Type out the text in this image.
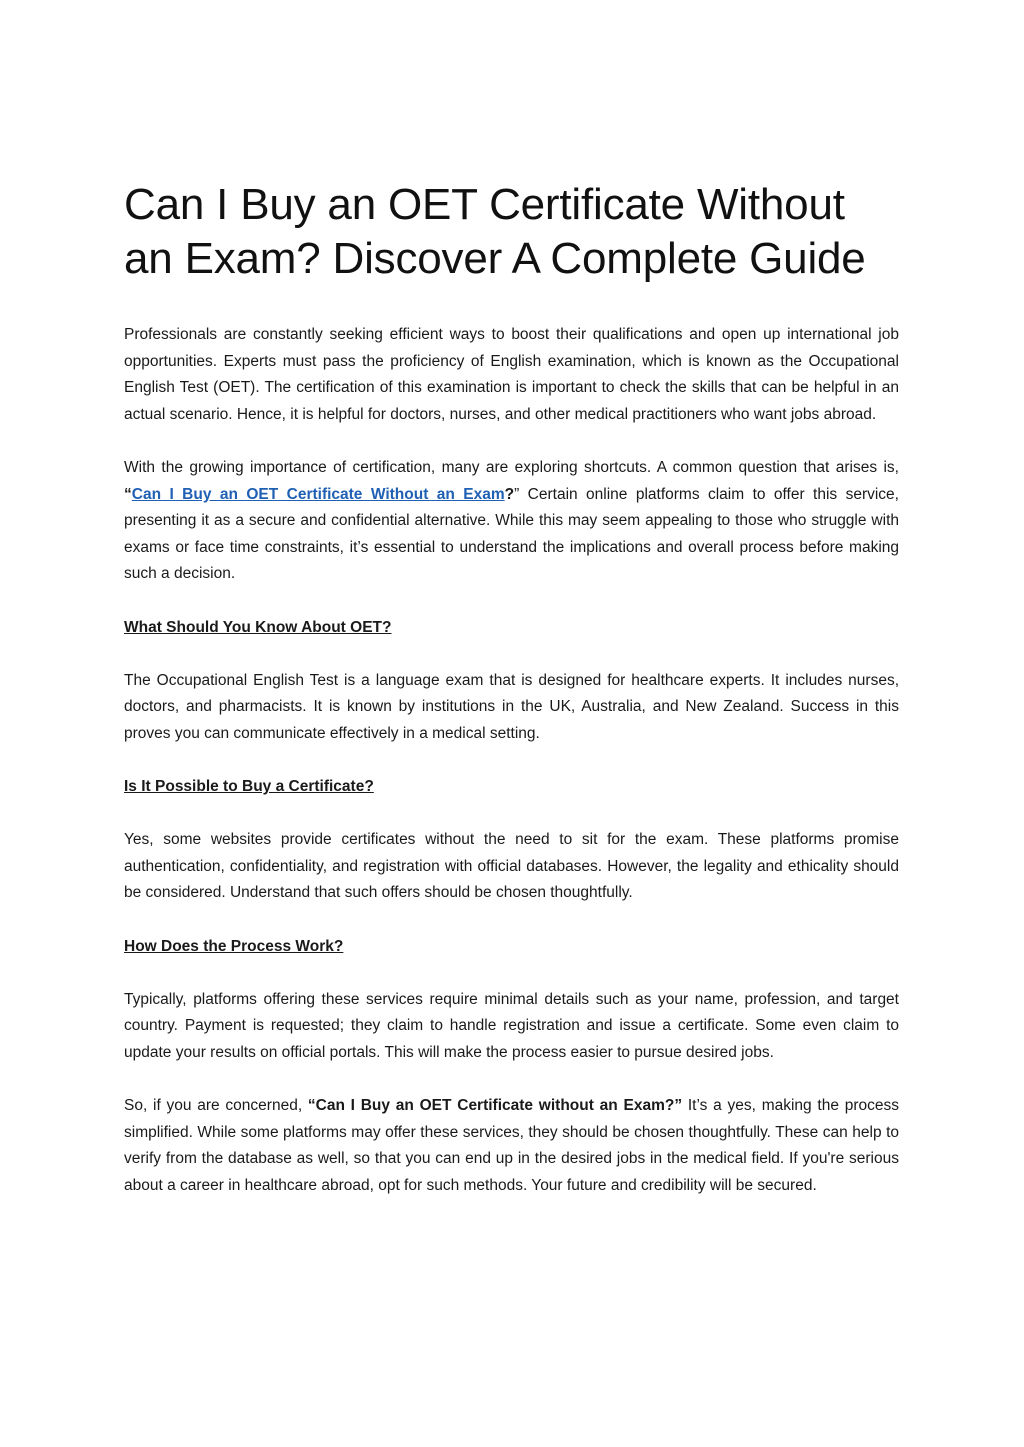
Can I Buy an OET Certificate Without an Exam? Discover A Complete Guide

Professionals are constantly seeking efficient ways to boost their qualifications and open up international job opportunities. Experts must pass the proficiency of English examination, which is known as the Occupational English Test (OET). The certification of this examination is important to check the skills that can be helpful in an actual scenario. Hence, it is helpful for doctors, nurses, and other medical practitioners who want jobs abroad.

With the growing importance of certification, many are exploring shortcuts. A common question that arises is, “Can I Buy an OET Certificate Without an Exam?” Certain online platforms claim to offer this service, presenting it as a secure and confidential alternative. While this may seem appealing to those who struggle with exams or face time constraints, it’s essential to understand the implications and overall process before making such a decision.

What Should You Know About OET?

The Occupational English Test is a language exam that is designed for healthcare experts. It includes nurses, doctors, and pharmacists. It is known by institutions in the UK, Australia, and New Zealand. Success in this proves you can communicate effectively in a medical setting.

Is It Possible to Buy a Certificate?

Yes, some websites provide certificates without the need to sit for the exam. These platforms promise authentication, confidentiality, and registration with official databases. However, the legality and ethicality should be considered. Understand that such offers should be chosen thoughtfully.

How Does the Process Work?

Typically, platforms offering these services require minimal details such as your name, profession, and target country. Payment is requested; they claim to handle registration and issue a certificate. Some even claim to update your results on official portals. This will make the process easier to pursue desired jobs.

So, if you are concerned, “Can I Buy an OET Certificate without an Exam?” It’s a yes, making the process simplified. While some platforms may offer these services, they should be chosen thoughtfully. These can help to verify from the database as well, so that you can end up in the desired jobs in the medical field. If you're serious about a career in healthcare abroad, opt for such methods. Your future and credibility will be secured.
